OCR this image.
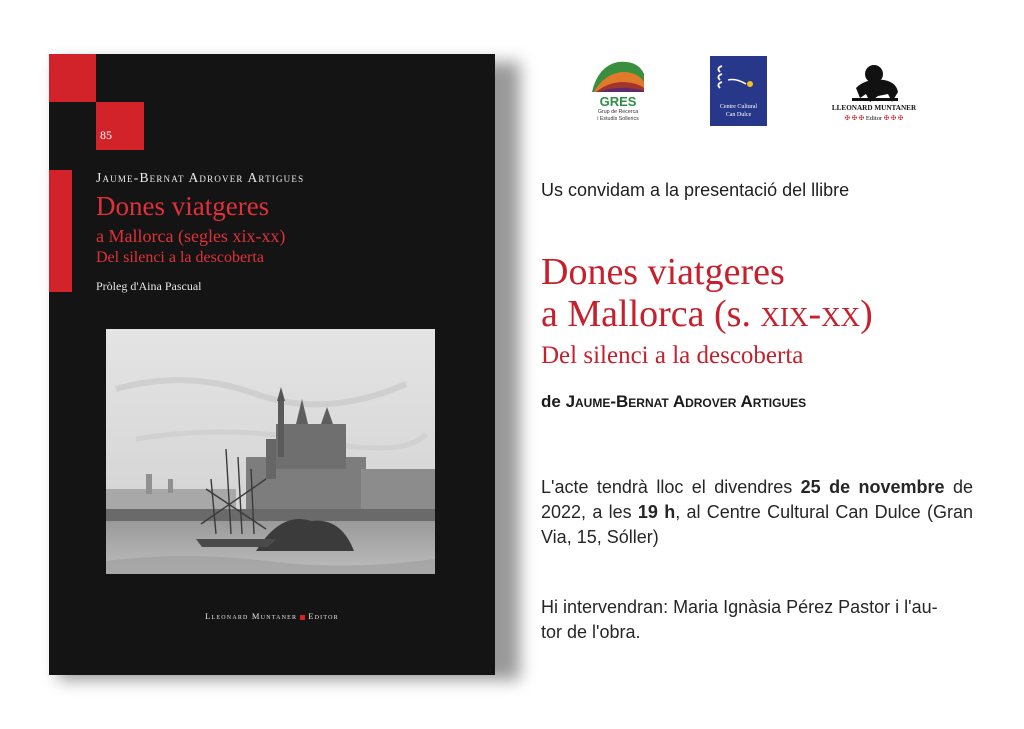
85
Jaume-Bernat Adrover Artigues
Dones viatgeres
a Mallorca (segles xix-xx)
Del silenci a la descoberta
Pròleg d'Aina Pascual
Lleonard Muntaner Editor
GRES
Grup de Recerca
i Estudis Sollerics
Centre Cultural
Can Dulce
LLEONARD MUNTANER
✠ ✠ ✠ Editor ✠ ✠ ✠
Us convidam a la presentació del llibre
Dones viatgeres
a Mallorca (s. xix-xx)
Del silenci a la descoberta
de Jaume-Bernat Adrover Artigues
L'acte tendrà lloc el divendres 25 de novembre de 2022, a les 19 h, al Centre Cultural Can Dulce (Gran Via, 15, Sóller)
Hi intervendran: Maria Ignàsia Pérez Pastor i l'au-
tor de l'obra.
